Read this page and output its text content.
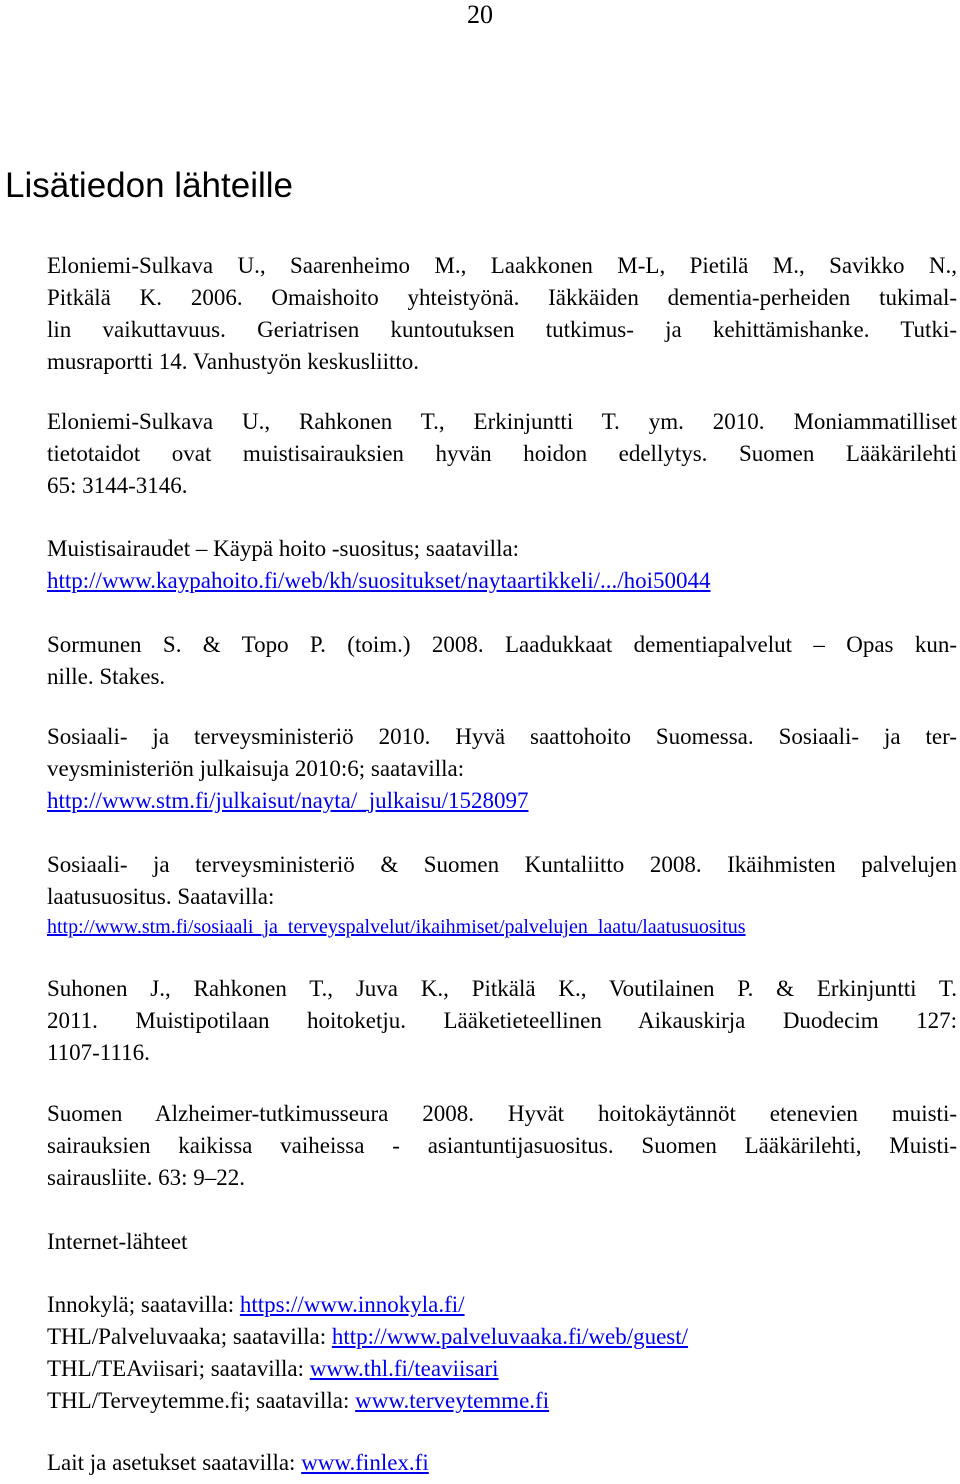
20
Lisätiedon lähteille

Eloniemi-Sulkava U., Saarenheimo M., Laakkonen M-L, Pietilä M., Savikko N.,

Pitkälä K. 2006. Omaishoito yhteistyönä. Iäkkäiden dementia-perheiden tukimal-

lin vaikuttavuus. Geriatrisen kuntoutuksen tutkimus- ja kehittämishanke. Tutki-

musraportti 14. Vanhustyön keskusliitto.

Eloniemi-Sulkava U., Rahkonen T., Erkinjuntti T. ym. 2010. Moniammatilliset

tietotaidot ovat muistisairauksien hyvän hoidon edellytys. Suomen Lääkärilehti

65: 3144-3146.

Muistisairaudet – Käypä hoito -suositus; saatavilla:

http://www.kaypahoito.fi/web/kh/suositukset/naytaartikkeli/.../hoi50044

Sormunen S. & Topo P. (toim.) 2008. Laadukkaat dementiapalvelut – Opas kun-

nille. Stakes.

Sosiaali- ja terveysministeriö 2010. Hyvä saattohoito Suomessa. Sosiaali- ja ter-

veysministeriön julkaisuja 2010:6; saatavilla:

http://www.stm.fi/julkaisut/nayta/_julkaisu/1528097

Sosiaali- ja terveysministeriö & Suomen Kuntaliitto 2008. Ikäihmisten palvelujen

laatusuositus. Saatavilla:

http://www.stm.fi/sosiaali_ja_terveyspalvelut/ikaihmiset/palvelujen_laatu/laatusuositus

Suhonen J., Rahkonen T., Juva K., Pitkälä K., Voutilainen P. & Erkinjuntti T.

2011. Muistipotilaan hoitoketju. Lääketieteellinen Aikauskirja Duodecim 127:

1107-1116.

Suomen Alzheimer-tutkimusseura 2008. Hyvät hoitokäytännöt etenevien muisti-

sairauksien kaikissa vaiheissa - asiantuntijasuositus. Suomen Lääkärilehti, Muisti-

sairausliite. 63: 9–22.

Internet-lähteet

Innokylä; saatavilla: https://www.innokyla.fi/

THL/Palveluvaaka; saatavilla: http://www.palveluvaaka.fi/web/guest/

THL/TEAviisari; saatavilla: www.thl.fi/teaviisari

THL/Terveytemme.fi; saatavilla: www.terveytemme.fi

Lait ja asetukset saatavilla: www.finlex.fi
